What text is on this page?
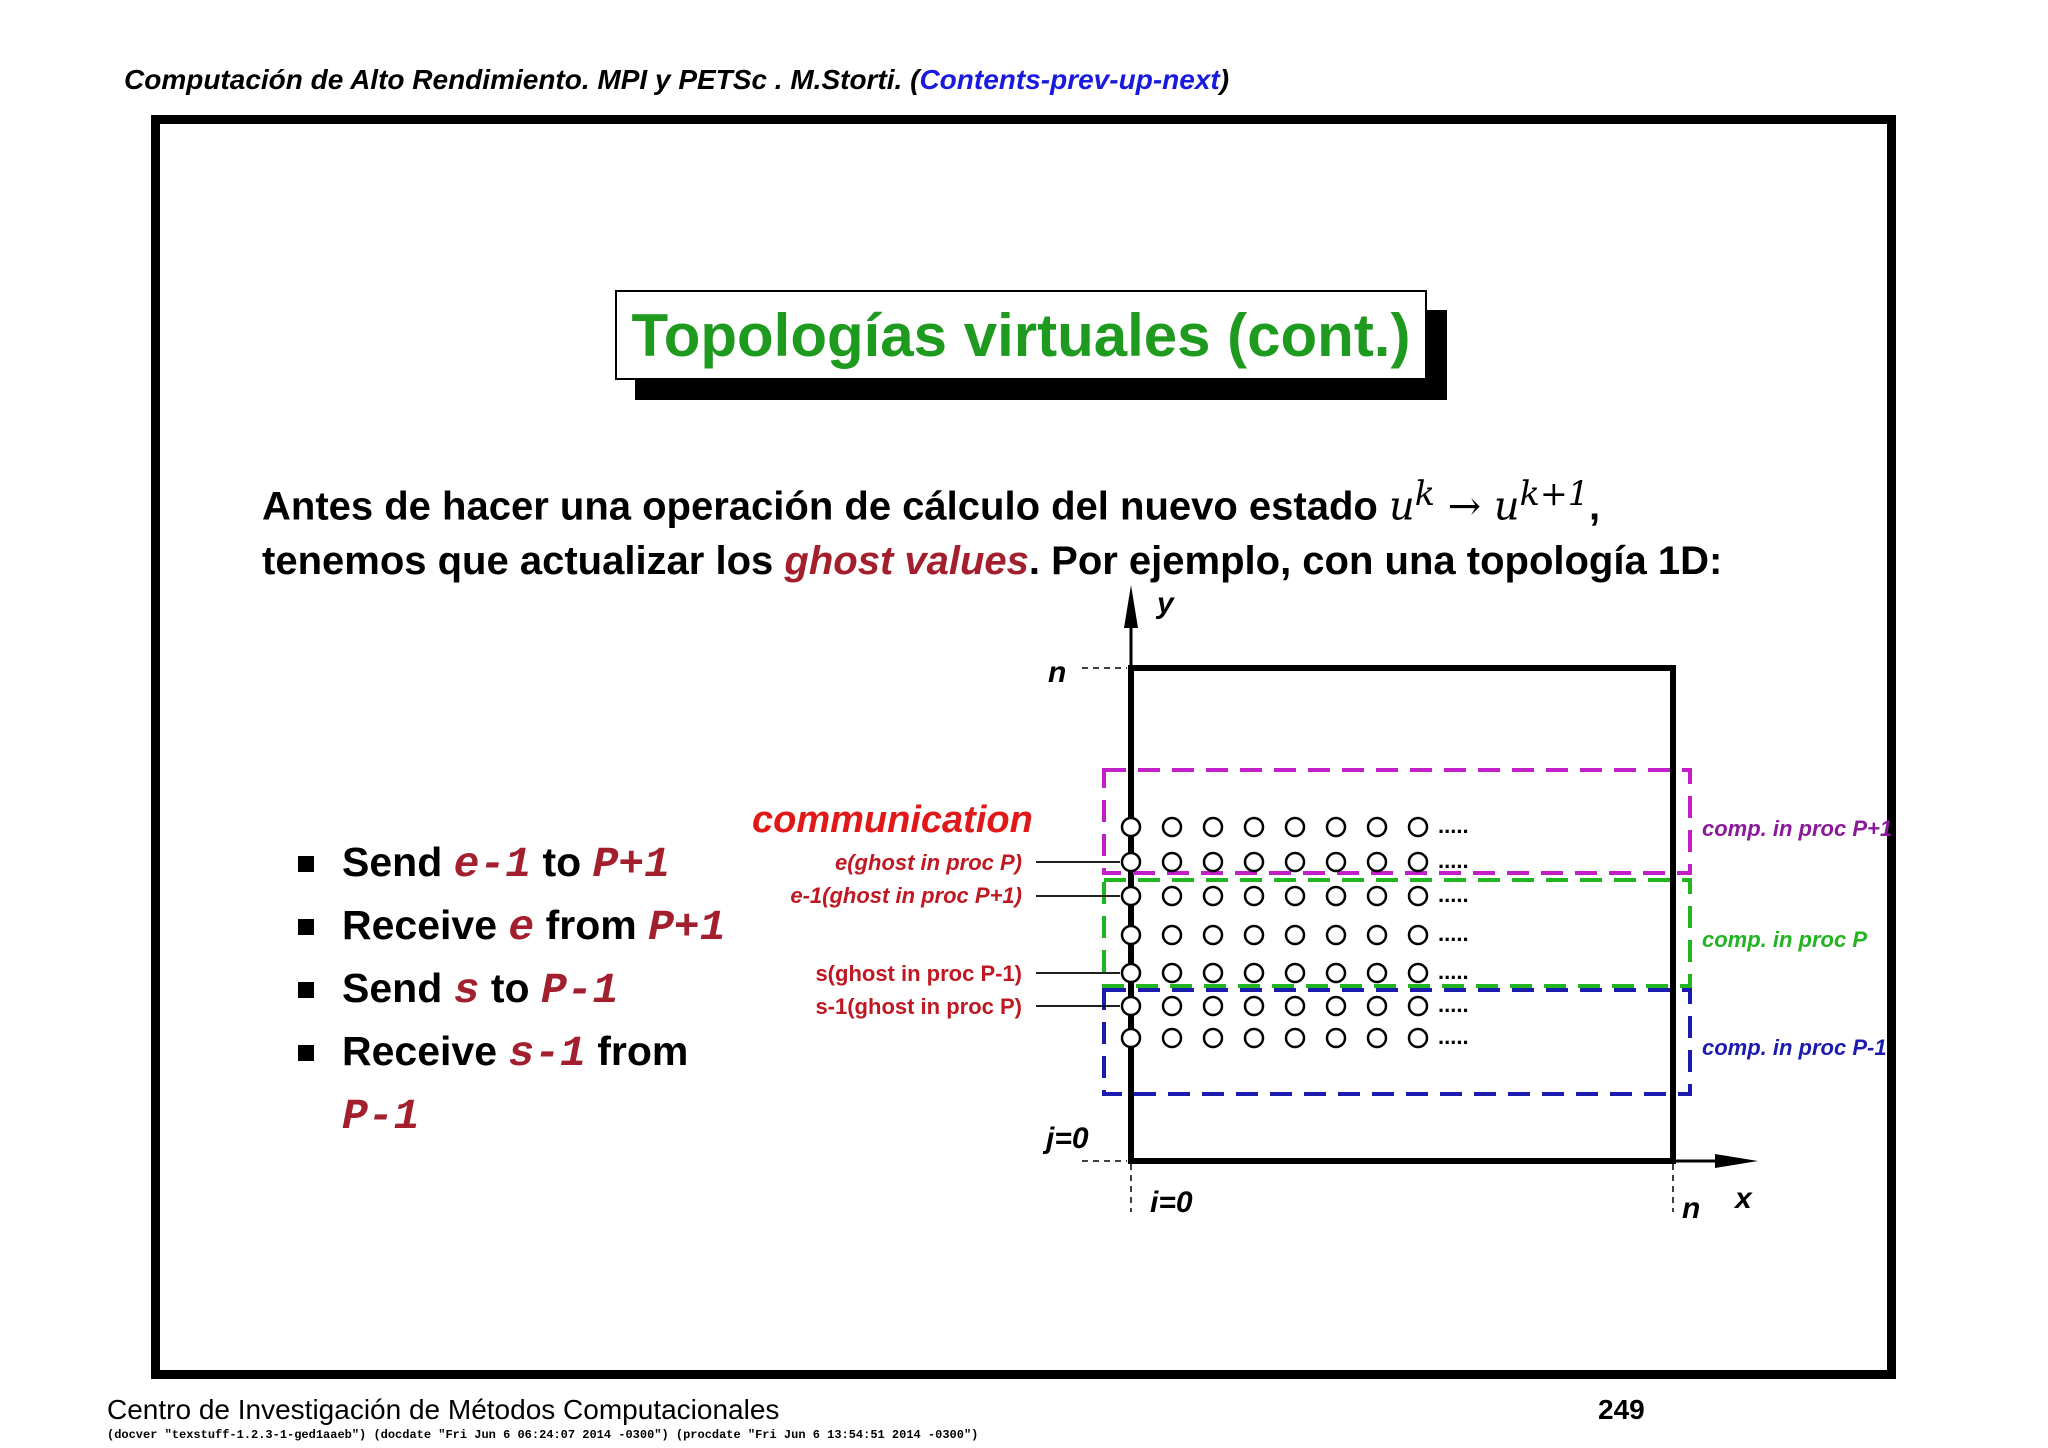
Computación de Alto Rendimiento. MPI y PETSc . M.Storti. (Contents-prev-up-next)
Topologías virtuales (cont.)
Antes de hacer una operación de cálculo del nuevo estado $u^k \to u^{k+1}$,
tenemos que actualizar los ghost values. Por ejemplo, con una topología 1D:
Send e-1 to P+1
Receive e from P+1
Send s to P-1
Receive s-1 from
P-1
.....
.....
.....
.....
.....
.....
.....
y
n
j=0
i=0	n x
communication
e(ghost in proc P)
e-1(ghost in proc P+1)
s(ghost in proc P-1)
s-1(ghost in proc P)
comp. in proc P+1
comp. in proc P
comp. in proc P-1
Centro de Investigación de Métodos Computacionales	249
(docver "texstuff-1.2.3-1-ged1aaeb") (docdate "Fri Jun 6 06:24:07 2014 -0300") (procdate "Fri Jun 6 13:54:51 2014 -0300")
